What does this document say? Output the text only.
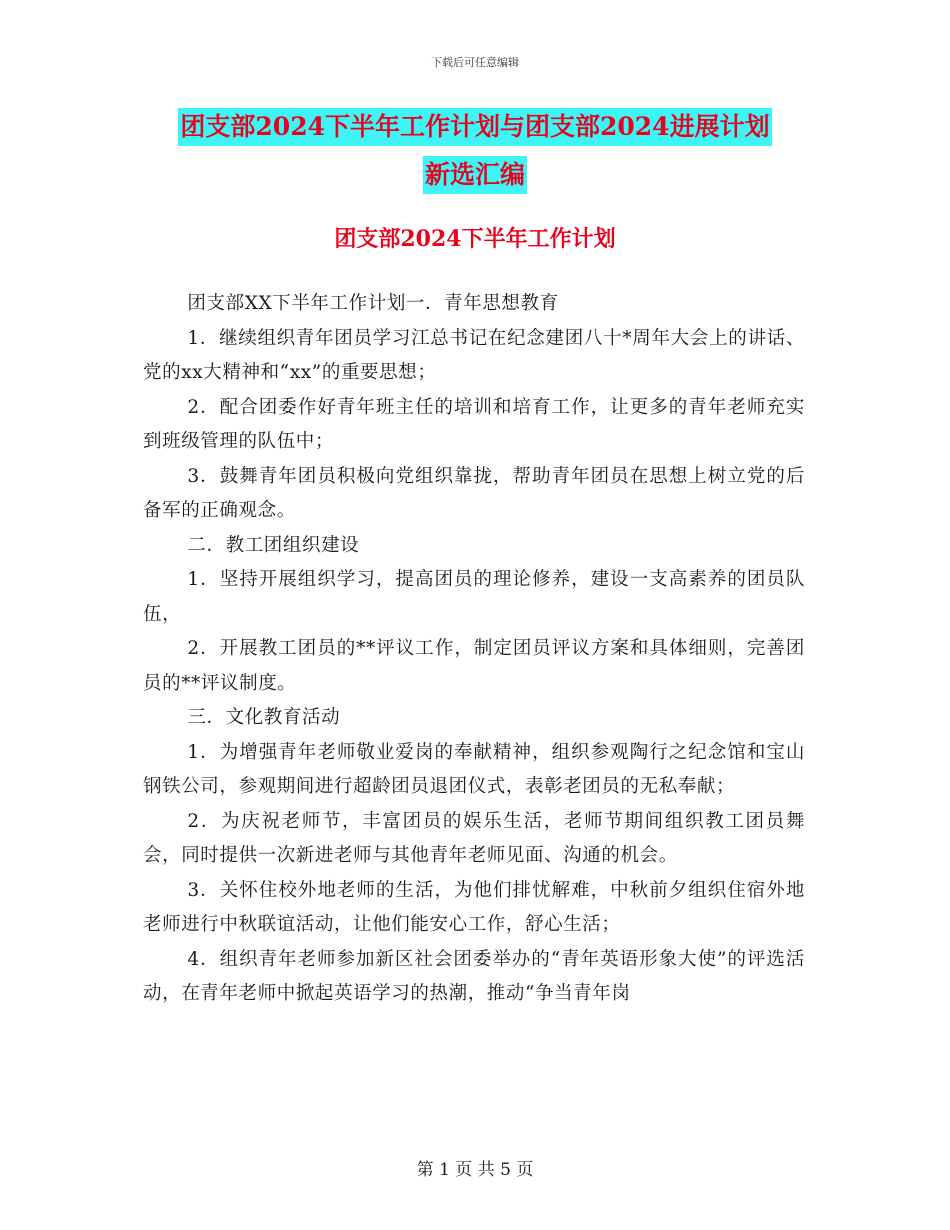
下载后可任意编辑
团支部2024下半年工作计划与团支部2024进展计划
新选汇编
团支部2024下半年工作计划

团支部XX下半年工作计划一．青年思想教育

1．继续组织青年团员学习江总书记在纪念建团八十*周年大会上的讲话、党的xx大精神和“xx”的重要思想；

2．配合团委作好青年班主任的培训和培育工作，让更多的青年老师充实到班级管理的队伍中；

3．鼓舞青年团员积极向党组织靠拢，帮助青年团员在思想上树立党的后备军的正确观念。

二．教工团组织建设

1．坚持开展组织学习，提高团员的理论修养，建设一支高素养的团员队伍，

2．开展教工团员的**评议工作，制定团员评议方案和具体细则，完善团员的**评议制度。

三．文化教育活动

1．为增强青年老师敬业爱岗的奉献精神，组织参观陶行之纪念馆和宝山钢铁公司，参观期间进行超龄团员退团仪式，表彰老团员的无私奉献；

2．为庆祝老师节，丰富团员的娱乐生活，老师节期间组织教工团员舞会，同时提供一次新进老师与其他青年老师见面、沟通的机会。

3．关怀住校外地老师的生活，为他们排忧解难，中秋前夕组织住宿外地老师进行中秋联谊活动，让他们能安心工作，舒心生活；

4．组织青年老师参加新区社会团委举办的“青年英语形象大使”的评选活动，在青年老师中掀起英语学习的热潮，推动“争当青年岗

第 1 页 共 5 页
